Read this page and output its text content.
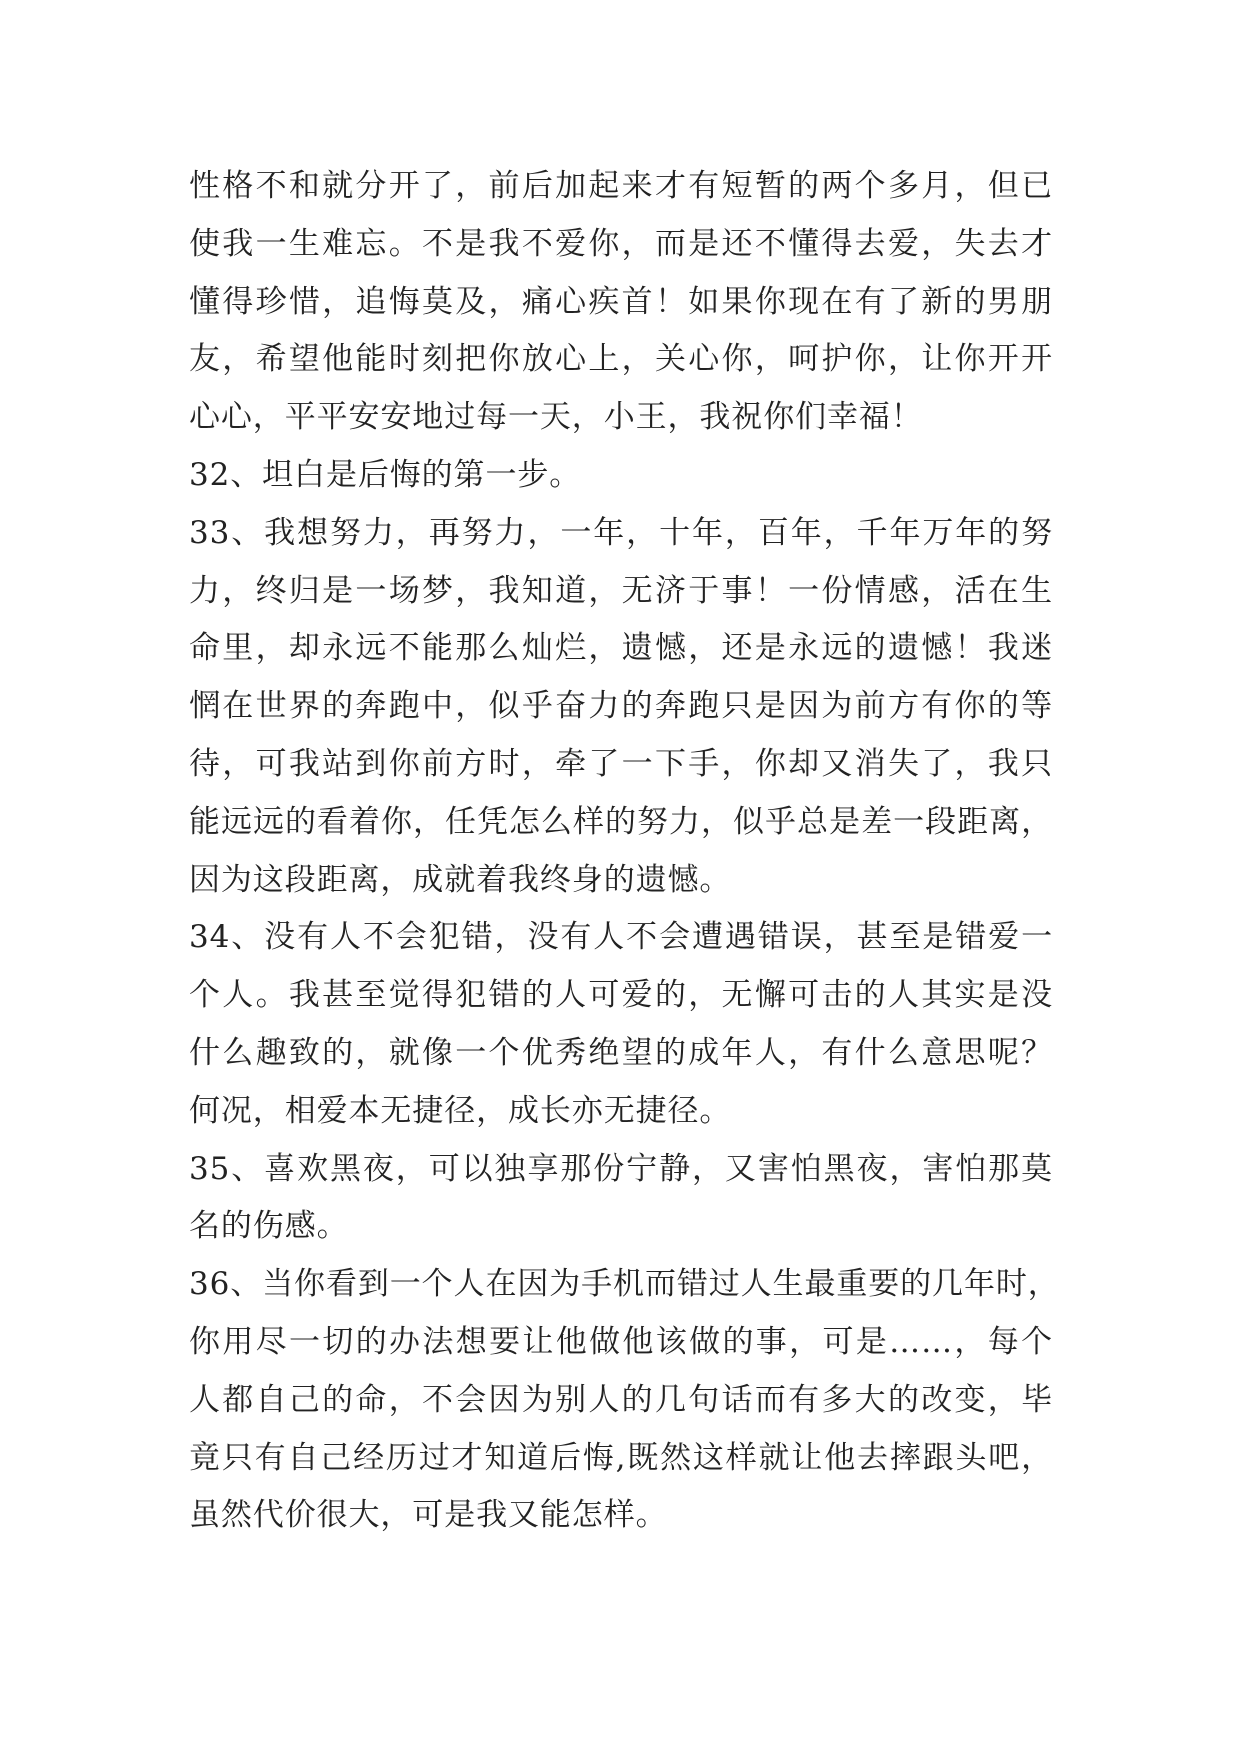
性格不和就分开了，前后加起来才有短暂的两个多月，但已
使我一生难忘。不是我不爱你，而是还不懂得去爱，失去才
懂得珍惜，追悔莫及，痛心疾首！如果你现在有了新的男朋
友，希望他能时刻把你放心上，关心你，呵护你，让你开开
心心，平平安安地过每一天，小王，我祝你们幸福！
32、坦白是后悔的第一步。
33、我想努力，再努力，一年，十年，百年，千年万年的努
力，终归是一场梦，我知道，无济于事！一份情感，活在生
命里，却永远不能那么灿烂，遗憾，还是永远的遗憾！我迷
惘在世界的奔跑中，似乎奋力的奔跑只是因为前方有你的等
待，可我站到你前方时，牵了一下手，你却又消失了，我只
能远远的看着你，任凭怎么样的努力，似乎总是差一段距离，
因为这段距离，成就着我终身的遗憾。
34、没有人不会犯错，没有人不会遭遇错误，甚至是错爱一
个人。我甚至觉得犯错的人可爱的，无懈可击的人其实是没
什么趣致的，就像一个优秀绝望的成年人，有什么意思呢？
何况，相爱本无捷径，成长亦无捷径。
35、喜欢黑夜，可以独享那份宁静，又害怕黑夜，害怕那莫
名的伤感。
36、当你看到一个人在因为手机而错过人生最重要的几年时，
你用尽一切的办法想要让他做他该做的事，可是……，每个
人都自己的命，不会因为别人的几句话而有多大的改变，毕
竟只有自己经历过才知道后悔,既然这样就让他去摔跟头吧，
虽然代价很大，可是我又能怎样。
